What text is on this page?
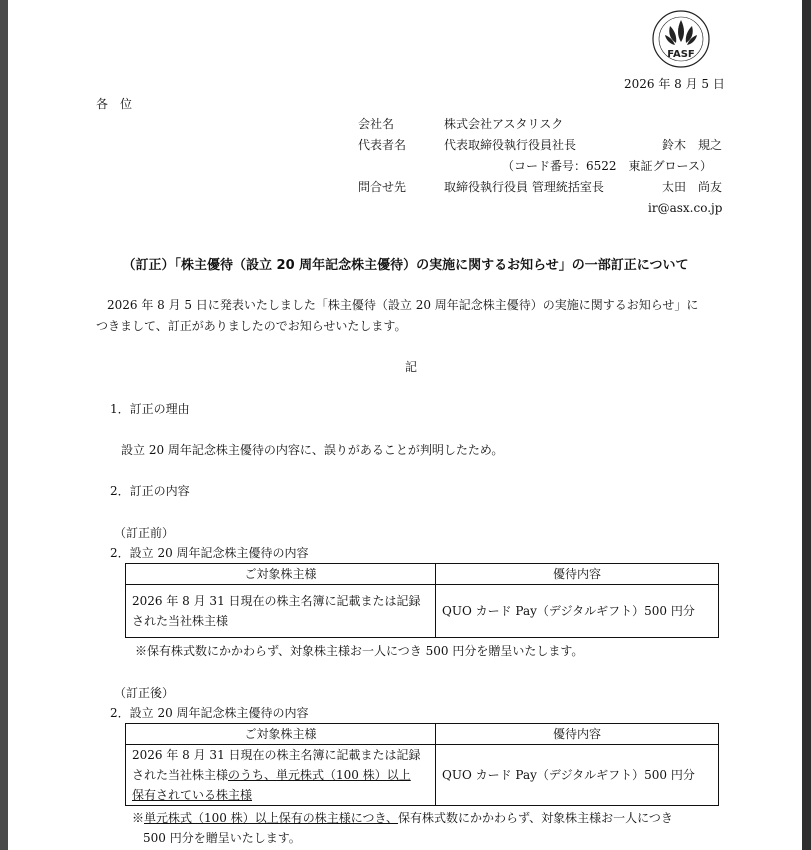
FASF
2026 年 8 月 5 日
各　位
会社名	株式会社アスタリスク
代表者名	代表取締役執行役員社長	鈴木　規之
（コード番号：6522　東証グロース）
問合せ先	取締役執行役員 管理統括室長	太田　尚友
ir@asx.co.jp
（訂正）「株主優待（設立 20 周年記念株主優待）の実施に関するお知らせ」の一部訂正について
2026 年 8 月 5 日に発表いたしました「株主優待（設立 20 周年記念株主優待）の実施に関するお知らせ」に
つきまして、訂正がありましたのでお知らせいたします。
記
1．訂正の理由
設立 20 周年記念株主優待の内容に、誤りがあることが判明したため。
2．訂正の内容
（訂正前）
2．設立 20 周年記念株主優待の内容
ご対象株主様	優待内容

2026 年 8 月 31 日現在の株主名簿に記載または記録
された当社株主様	QUO カード Pay（デジタルギフト）500 円分
※保有株式数にかかわらず、対象株主様お一人につき 500 円分を贈呈いたします。
（訂正後）
2．設立 20 周年記念株主優待の内容
ご対象株主様	優待内容

2026 年 8 月 31 日現在の株主名簿に記載または記録
された当社株主様のうち、単元株式（100 株）以上
保有されている株主様	QUO カード Pay（デジタルギフト）500 円分
※単元株式（100 株）以上保有の株主様につき、保有株式数にかかわらず、対象株主様お一人につき
500 円分を贈呈いたします。
